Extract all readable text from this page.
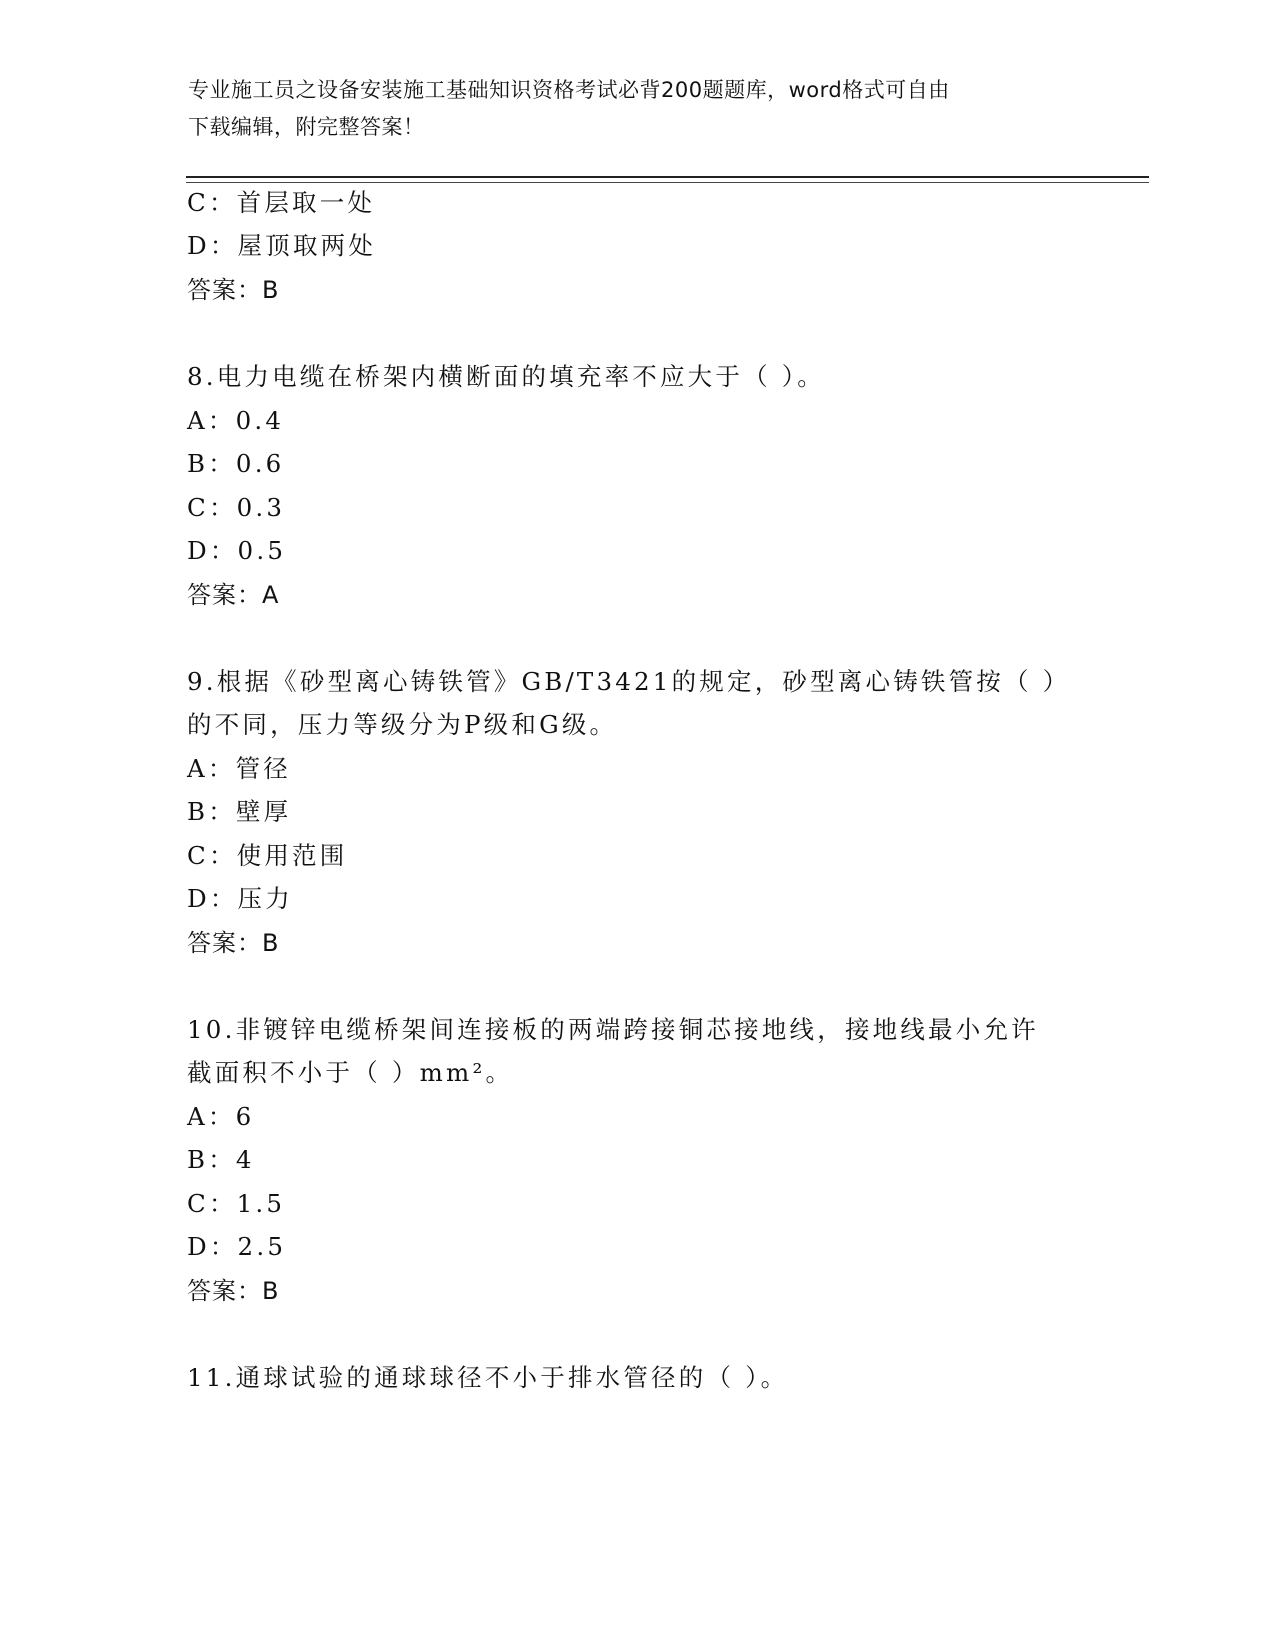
专业施工员之设备安装施工基础知识资格考试必背200题题库，word格式可自由
下载编辑，附完整答案！
C：首层取一处
D：屋顶取两处
答案：B
8.电力电缆在桥架内横断面的填充率不应大于（ ）。
A：0.4
B：0.6
C：0.3
D：0.5
答案：A
9.根据《砂型离心铸铁管》GB/T3421的规定，砂型离心铸铁管按（ ）
的不同，压力等级分为P级和G级。
A：管径
B：壁厚
C：使用范围
D：压力
答案：B
10.非镀锌电缆桥架间连接板的两端跨接铜芯接地线，接地线最小允许
截面积不小于（ ）mm²。
A：6
B：4
C：1.5
D：2.5
答案：B
11.通球试验的通球球径不小于排水管径的（ ）。
